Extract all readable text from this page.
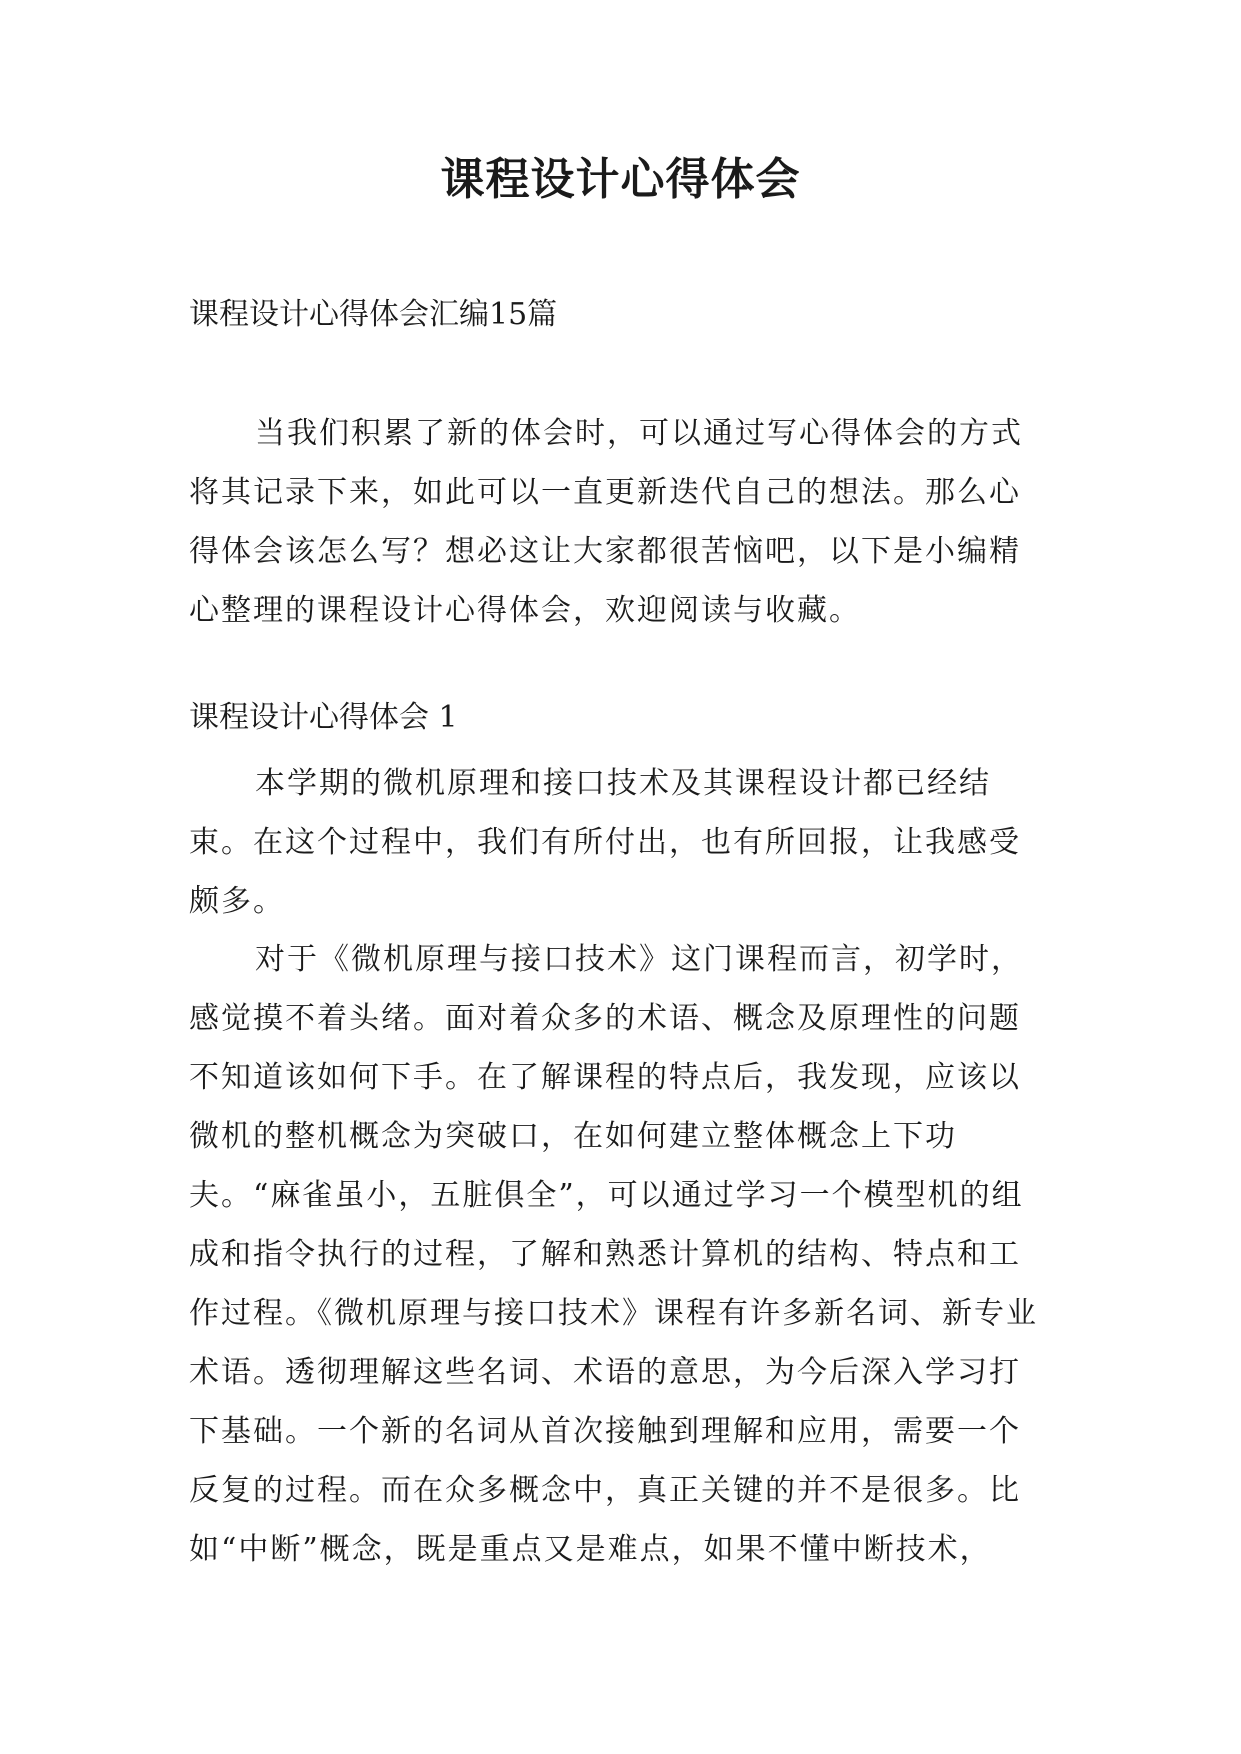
课程设计心得体会

课程设计心得体会汇编15篇

当我们积累了新的体会时，可以通过写心得体会的方式将其记录下来，如此可以一直更新迭代自己的想法。那么心得体会该怎么写？想必这让大家都很苦恼吧，以下是小编精心整理的课程设计心得体会，欢迎阅读与收藏。

课程设计心得体会 1

本学期的微机原理和接口技术及其课程设计都已经结束。在这个过程中，我们有所付出，也有所回报，让我感受颇多。

对于《微机原理与接口技术》这门课程而言，初学时，感觉摸不着头绪。面对着众多的术语、概念及原理性的问题不知道该如何下手。在了解课程的特点后，我发现，应该以微机的整机概念为突破口，在如何建立整体概念上下功夫。“麻雀虽小，五脏俱全”，可以通过学习一个模型机的组成和指令执行的过程，了解和熟悉计算机的结构、特点和工作过程。《微机原理与接口技术》课程有许多新名词、新专业术语。透彻理解这些名词、术语的意思，为今后深入学习打下基础。一个新的名词从首次接触到理解和应用，需要一个反复的过程。而在众多概念中，真正关键的并不是很多。比如“中断”概念，既是重点又是难点，如果不懂中断技术，
